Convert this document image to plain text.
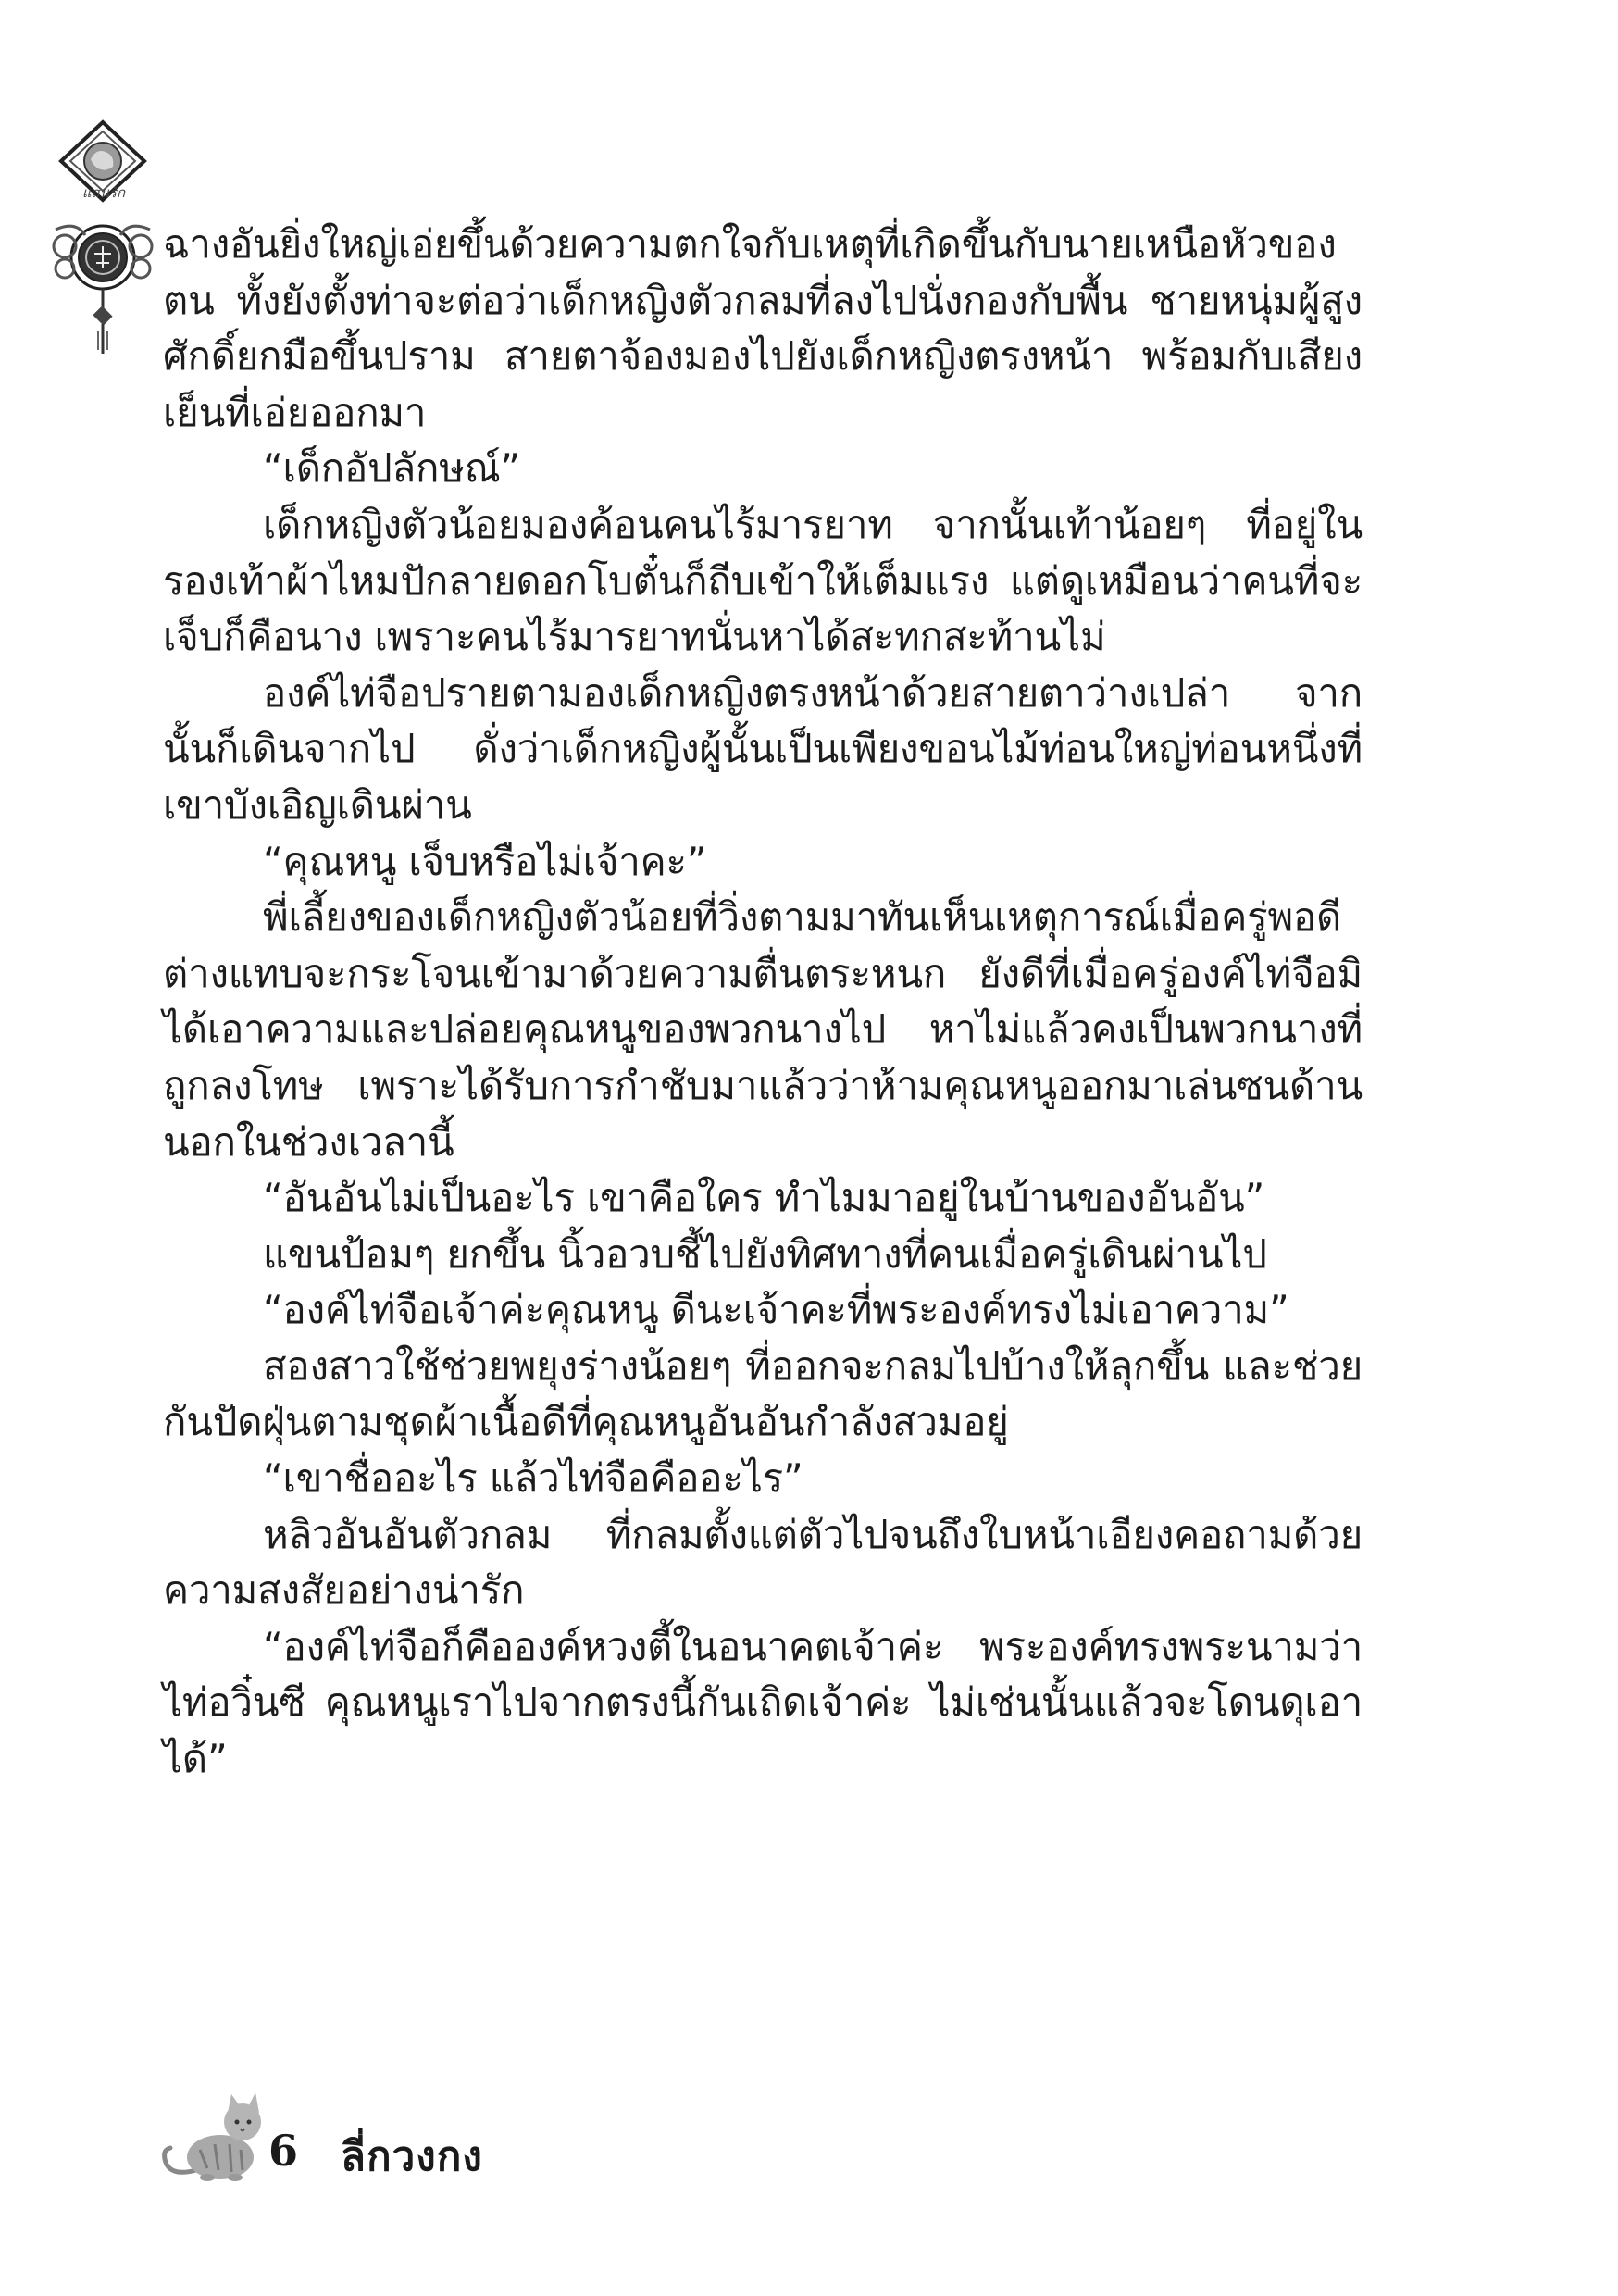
แสนรัก

ฉางอันยิ่งใหญ่เอ่ยขึ้นด้วยความตกใจกับเหตุที่เกิดขึ้นกับนายเหนือหัวของตน ทั้งยังตั้งท่าจะต่อว่าเด็กหญิงตัวกลมที่ลงไปนั่งกองกับพื้น ชายหนุ่มผู้สูงศักดิ์ยกมือขึ้นปราม สายตาจ้องมองไปยังเด็กหญิงตรงหน้า พร้อมกับเสียงเย็นที่เอ่ยออกมา

“เด็กอัปลักษณ์”

เด็กหญิงตัวน้อยมองค้อนคนไร้มารยาท จากนั้นเท้าน้อยๆ ที่อยู่ในรองเท้าผ้าไหมปักลายดอกโบตั๋นก็ถีบเข้าให้เต็มแรง แต่ดูเหมือนว่าคนที่จะเจ็บก็คือนาง เพราะคนไร้มารยาทนั่นหาได้สะทกสะท้านไม่

องค์ไท่จือปรายตามองเด็กหญิงตรงหน้าด้วยสายตาว่างเปล่า จากนั้นก็เดินจากไป ดั่งว่าเด็กหญิงผู้นั้นเป็นเพียงขอนไม้ท่อนใหญ่ท่อนหนึ่งที่เขาบังเอิญเดินผ่าน

“คุณหนู เจ็บหรือไม่เจ้าคะ”

พี่เลี้ยงของเด็กหญิงตัวน้อยที่วิ่งตามมาทันเห็นเหตุการณ์เมื่อครู่พอดี ต่างแทบจะกระโจนเข้ามาด้วยความตื่นตระหนก ยังดีที่เมื่อครู่องค์ไท่จือมิได้เอาความและปล่อยคุณหนูของพวกนางไป หาไม่แล้วคงเป็นพวกนางที่ถูกลงโทษ เพราะได้รับการกำชับมาแล้วว่าห้ามคุณหนูออกมาเล่นซนด้านนอกในช่วงเวลานี้

“อันอันไม่เป็นอะไร เขาคือใคร ทำไมมาอยู่ในบ้านของอันอัน”

แขนป้อมๆ ยกขึ้น นิ้วอวบชี้ไปยังทิศทางที่คนเมื่อครู่เดินผ่านไป

“องค์ไท่จือเจ้าค่ะคุณหนู ดีนะเจ้าคะที่พระองค์ทรงไม่เอาความ”

สองสาวใช้ช่วยพยุงร่างน้อยๆ ที่ออกจะกลมไปบ้างให้ลุกขึ้น และช่วยกันปัดฝุ่นตามชุดผ้าเนื้อดีที่คุณหนูอันอันกำลังสวมอยู่

“เขาชื่ออะไร แล้วไท่จือคืออะไร”

หลิวอันอันตัวกลม ที่กลมตั้งแต่ตัวไปจนถึงใบหน้าเอียงคอถามด้วยความสงสัยอย่างน่ารัก

“องค์ไท่จือก็คือองค์หวงตี้ในอนาคตเจ้าค่ะ พระองค์ทรงพระนามว่าไท่อวิ๋นซี คุณหนูเราไปจากตรงนี้กันเถิดเจ้าค่ะ ไม่เช่นนั้นแล้วจะโดนดุเอาได้”

6 ลี่กวงกง
